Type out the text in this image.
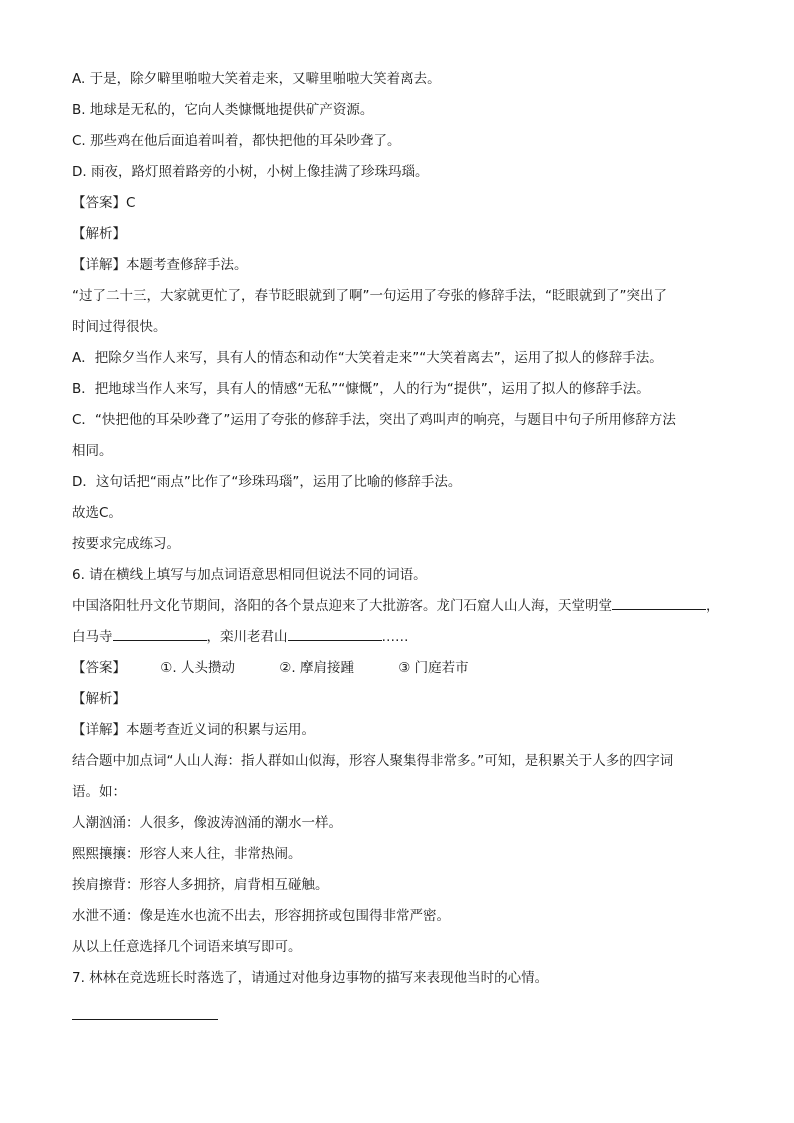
A. 于是，除夕噼里啪啦大笑着走来，又噼里啪啦大笑着离去。
B. 地球是无私的，它向人类慷慨地提供矿产资源。
C. 那些鸡在他后面追着叫着，都快把他的耳朵吵聋了。
D. 雨夜，路灯照着路旁的小树，小树上像挂满了珍珠玛瑙。
【答案】C
【解析】
【详解】本题考查修辞手法。
“过了二十三，大家就更忙了，春节眨眼就到了啊”一句运用了夸张的修辞手法，“眨眼就到了”突出了
时间过得很快。
A．把除夕当作人来写，具有人的情态和动作“大笑着走来”“大笑着离去”，运用了拟人的修辞手法。
B．把地球当作人来写，具有人的情感“无私”“慷慨”，人的行为“提供”，运用了拟人的修辞手法。
C．“快把他的耳朵吵聋了”运用了夸张的修辞手法，突出了鸡叫声的响亮，与题目中句子所用修辞方法
相同。
D．这句话把“雨点”比作了“珍珠玛瑙”，运用了比喻的修辞手法。
故选C。
按要求完成练习。
6. 请在横线上填写与加点词语意思相同但说法不同的词语。
中国洛阳牡丹文化节期间，洛阳的各个景点迎来了大批游客。龙门石窟人山人海，天堂明堂	，
白马寺	，栾川老君山	……
【答案】	①. 人头攒动	②. 摩肩接踵	③ 门庭若市
【解析】
【详解】本题考查近义词的积累与运用。
结合题中加点词“人山人海：指人群如山似海，形容人聚集得非常多。”可知，是积累关于人多的四字词
语。如：
人潮汹涌：人很多，像波涛汹涌的潮水一样。
熙熙攘攘：形容人来人往，非常热闹。
挨肩擦背：形容人多拥挤，肩背相互碰触。
水泄不通：像是连水也流不出去，形容拥挤或包围得非常严密。
从以上任意选择几个词语来填写即可。
7. 林林在竞选班长时落选了，请通过对他身边事物的描写来表现他当时的心情。
